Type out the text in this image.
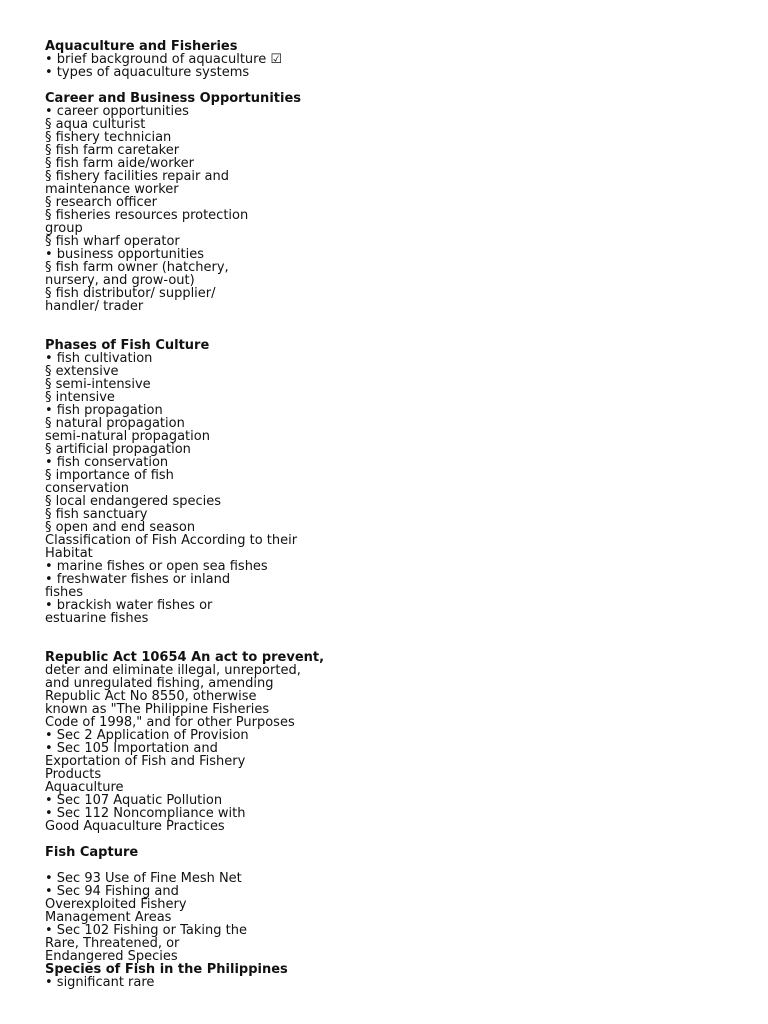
Aquaculture and Fisheries
• brief background of aquaculture ☑
• types of aquaculture systems
Career and Business Opportunities
• career opportunities
§ aqua culturist
§ fishery technician
§ fish farm caretaker
§ fish farm aide/worker
§ fishery facilities repair and
maintenance worker
§ research officer
§ fisheries resources protection
group
§ fish wharf operator
• business opportunities
§ fish farm owner (hatchery,
nursery, and grow-out)
§ fish distributor/ supplier/
handler/ trader
Phases of Fish Culture
• fish cultivation
§ extensive
§ semi-intensive
§ intensive
• fish propagation
§ natural propagation
semi-natural propagation
§ artificial propagation
• fish conservation
§ importance of fish
conservation
§ local endangered species
§ fish sanctuary
§ open and end season
Classification of Fish According to their
Habitat
• marine fishes or open sea fishes
• freshwater fishes or inland
fishes
• brackish water fishes or
estuarine fishes
Republic Act 10654 An act to prevent,
deter and eliminate illegal, unreported,
and unregulated fishing, amending
Republic Act No 8550, otherwise
known as "The Philippine Fisheries
Code of 1998," and for other Purposes
• Sec 2 Application of Provision
• Sec 105 Importation and
Exportation of Fish and Fishery
Products
Aquaculture
• Sec 107 Aquatic Pollution
• Sec 112 Noncompliance with
Good Aquaculture Practices
Fish Capture
• Sec 93 Use of Fine Mesh Net
• Sec 94 Fishing and
Overexploited Fishery
Management Areas
• Sec 102 Fishing or Taking the
Rare, Threatened, or
Endangered Species
Species of Fish in the Philippines
• significant rare
